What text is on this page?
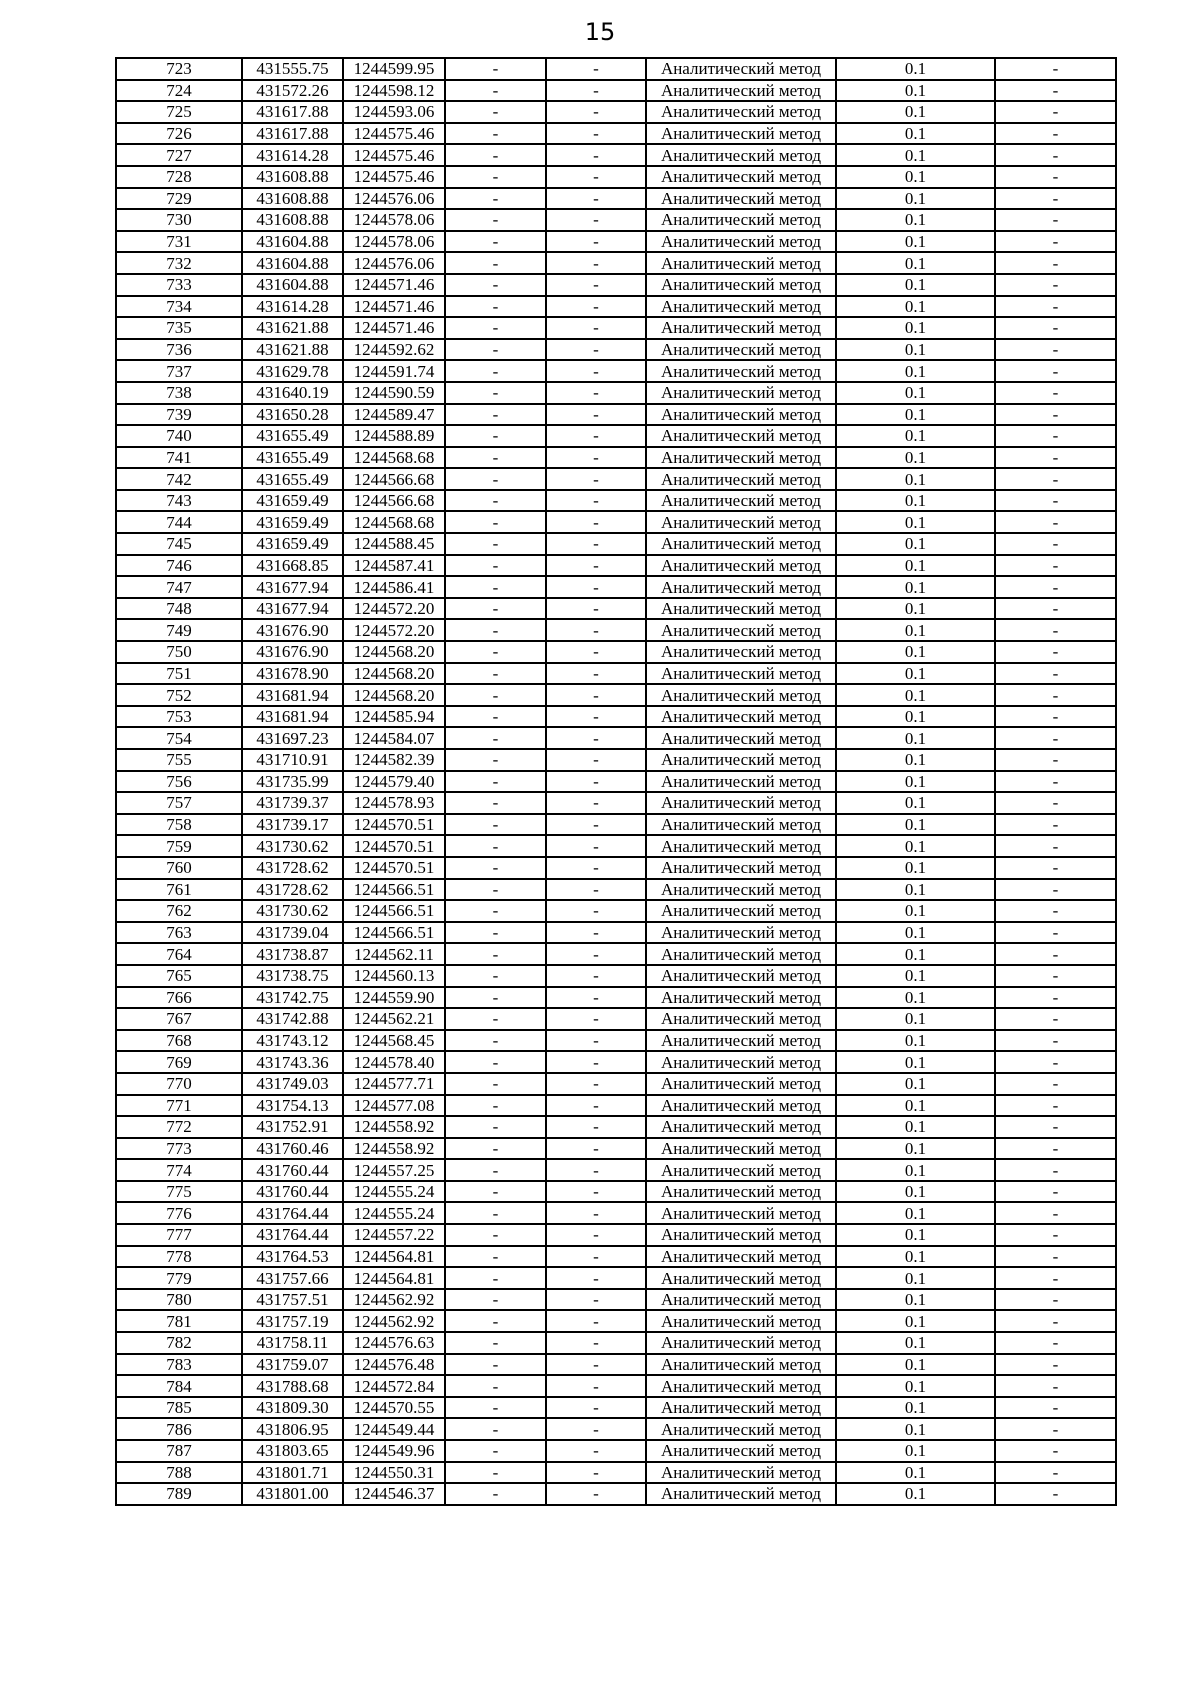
15
723	431555.75	1244599.95	-	-	Аналитический метод	0.1	-
724	431572.26	1244598.12	-	-	Аналитический метод	0.1	-
725	431617.88	1244593.06	-	-	Аналитический метод	0.1	-
726	431617.88	1244575.46	-	-	Аналитический метод	0.1	-
727	431614.28	1244575.46	-	-	Аналитический метод	0.1	-
728	431608.88	1244575.46	-	-	Аналитический метод	0.1	-
729	431608.88	1244576.06	-	-	Аналитический метод	0.1	-
730	431608.88	1244578.06	-	-	Аналитический метод	0.1	-
731	431604.88	1244578.06	-	-	Аналитический метод	0.1	-
732	431604.88	1244576.06	-	-	Аналитический метод	0.1	-
733	431604.88	1244571.46	-	-	Аналитический метод	0.1	-
734	431614.28	1244571.46	-	-	Аналитический метод	0.1	-
735	431621.88	1244571.46	-	-	Аналитический метод	0.1	-
736	431621.88	1244592.62	-	-	Аналитический метод	0.1	-
737	431629.78	1244591.74	-	-	Аналитический метод	0.1	-
738	431640.19	1244590.59	-	-	Аналитический метод	0.1	-
739	431650.28	1244589.47	-	-	Аналитический метод	0.1	-
740	431655.49	1244588.89	-	-	Аналитический метод	0.1	-
741	431655.49	1244568.68	-	-	Аналитический метод	0.1	-
742	431655.49	1244566.68	-	-	Аналитический метод	0.1	-
743	431659.49	1244566.68	-	-	Аналитический метод	0.1	-
744	431659.49	1244568.68	-	-	Аналитический метод	0.1	-
745	431659.49	1244588.45	-	-	Аналитический метод	0.1	-
746	431668.85	1244587.41	-	-	Аналитический метод	0.1	-
747	431677.94	1244586.41	-	-	Аналитический метод	0.1	-
748	431677.94	1244572.20	-	-	Аналитический метод	0.1	-
749	431676.90	1244572.20	-	-	Аналитический метод	0.1	-
750	431676.90	1244568.20	-	-	Аналитический метод	0.1	-
751	431678.90	1244568.20	-	-	Аналитический метод	0.1	-
752	431681.94	1244568.20	-	-	Аналитический метод	0.1	-
753	431681.94	1244585.94	-	-	Аналитический метод	0.1	-
754	431697.23	1244584.07	-	-	Аналитический метод	0.1	-
755	431710.91	1244582.39	-	-	Аналитический метод	0.1	-
756	431735.99	1244579.40	-	-	Аналитический метод	0.1	-
757	431739.37	1244578.93	-	-	Аналитический метод	0.1	-
758	431739.17	1244570.51	-	-	Аналитический метод	0.1	-
759	431730.62	1244570.51	-	-	Аналитический метод	0.1	-
760	431728.62	1244570.51	-	-	Аналитический метод	0.1	-
761	431728.62	1244566.51	-	-	Аналитический метод	0.1	-
762	431730.62	1244566.51	-	-	Аналитический метод	0.1	-
763	431739.04	1244566.51	-	-	Аналитический метод	0.1	-
764	431738.87	1244562.11	-	-	Аналитический метод	0.1	-
765	431738.75	1244560.13	-	-	Аналитический метод	0.1	-
766	431742.75	1244559.90	-	-	Аналитический метод	0.1	-
767	431742.88	1244562.21	-	-	Аналитический метод	0.1	-
768	431743.12	1244568.45	-	-	Аналитический метод	0.1	-
769	431743.36	1244578.40	-	-	Аналитический метод	0.1	-
770	431749.03	1244577.71	-	-	Аналитический метод	0.1	-
771	431754.13	1244577.08	-	-	Аналитический метод	0.1	-
772	431752.91	1244558.92	-	-	Аналитический метод	0.1	-
773	431760.46	1244558.92	-	-	Аналитический метод	0.1	-
774	431760.44	1244557.25	-	-	Аналитический метод	0.1	-
775	431760.44	1244555.24	-	-	Аналитический метод	0.1	-
776	431764.44	1244555.24	-	-	Аналитический метод	0.1	-
777	431764.44	1244557.22	-	-	Аналитический метод	0.1	-
778	431764.53	1244564.81	-	-	Аналитический метод	0.1	-
779	431757.66	1244564.81	-	-	Аналитический метод	0.1	-
780	431757.51	1244562.92	-	-	Аналитический метод	0.1	-
781	431757.19	1244562.92	-	-	Аналитический метод	0.1	-
782	431758.11	1244576.63	-	-	Аналитический метод	0.1	-
783	431759.07	1244576.48	-	-	Аналитический метод	0.1	-
784	431788.68	1244572.84	-	-	Аналитический метод	0.1	-
785	431809.30	1244570.55	-	-	Аналитический метод	0.1	-
786	431806.95	1244549.44	-	-	Аналитический метод	0.1	-
787	431803.65	1244549.96	-	-	Аналитический метод	0.1	-
788	431801.71	1244550.31	-	-	Аналитический метод	0.1	-
789	431801.00	1244546.37	-	-	Аналитический метод	0.1	-
